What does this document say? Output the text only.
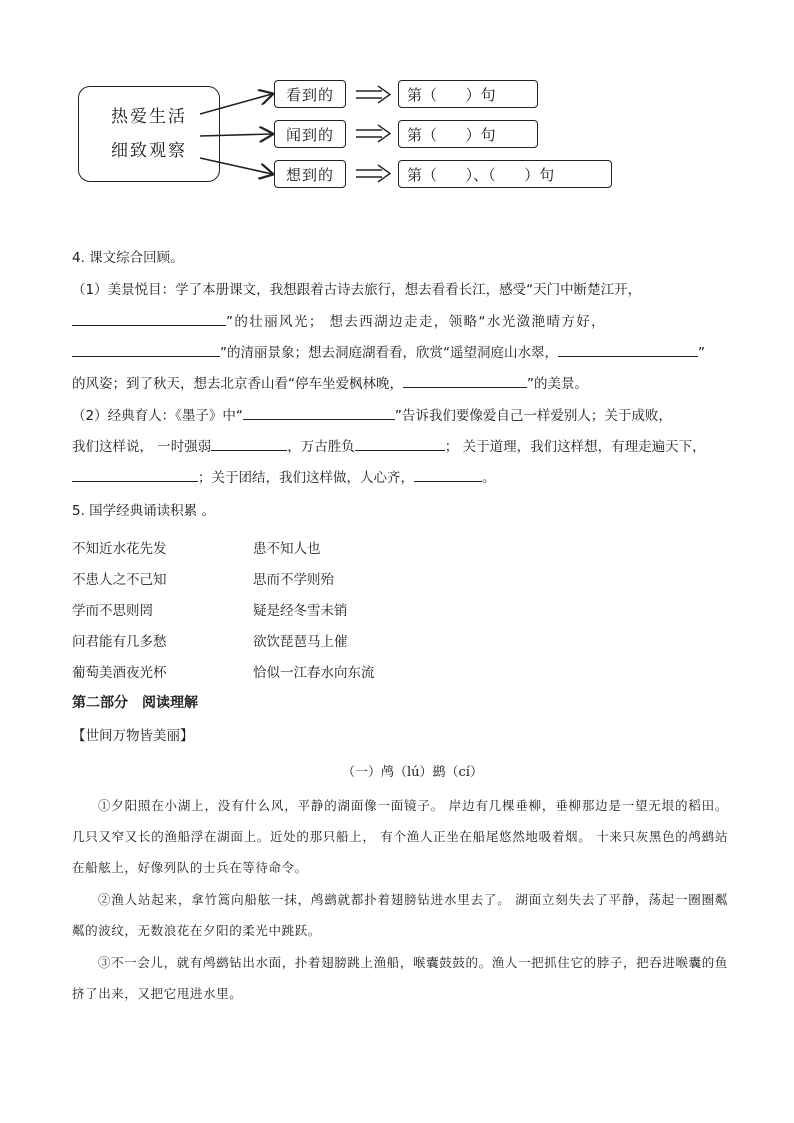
热爱生活
细致观察
看到的
闻到的
想到的
第（      ）句
第（      ）句
第（      ）、（      ）句
4. 课文综合回顾。
（1）美景悦目：学了本册课文，我想跟着古诗去旅行，想去看看长江，感受“天门中断楚江开，
”的壮丽风光； 想去西湖边走走，领略“水光潋滟晴方好，
”的清丽景象；想去洞庭湖看看，欣赏“遥望洞庭山水翠，	”
的风姿；到了秋天，想去北京香山看“停车坐爱枫林晚，	”的美景。
（2）经典育人：《墨子》中“	”告诉我们要像爱自己一样爱别人；关于成败，
我们这样说， 一时强弱	，万古胜负	； 关于道理，我们这样想，有理走遍天下，
；关于团结，我们这样做，人心齐，	。
5. 国学经典诵读积累 。
不知近水花先发	患不知人也
不患人之不己知	思而不学则殆
学而不思则罔	疑是经冬雪未销
问君能有几多愁	欲饮琵琶马上催
葡萄美酒夜光杯	恰似一江春水向东流
第二部分　阅读理解
【世间万物皆美丽】
（一）鸬（lú）鹚（cí）
①夕阳照在小湖上，没有什么风，平静的湖面像一面镜子。 岸边有几棵垂柳，垂柳那边是一望无垠的稻田。 几只又窄又长的渔船浮在湖面上。近处的那只船上， 有个渔人正坐在船尾悠然地吸着烟。 十来只灰黑色的鸬鹚站在船舷上，好像列队的士兵在等待命令。
②渔人站起来，拿竹篙向船舷一抹，鸬鹚就都扑着翅膀钻进水里去了。 湖面立刻失去了平静，荡起一圈圈粼粼的波纹，无数浪花在夕阳的柔光中跳跃。
③不一会儿，就有鸬鹚钻出水面，扑着翅膀跳上渔船，喉囊鼓鼓的。渔人一把抓住它的脖子，把吞进喉囊的鱼挤了出来，又把它甩进水里。
